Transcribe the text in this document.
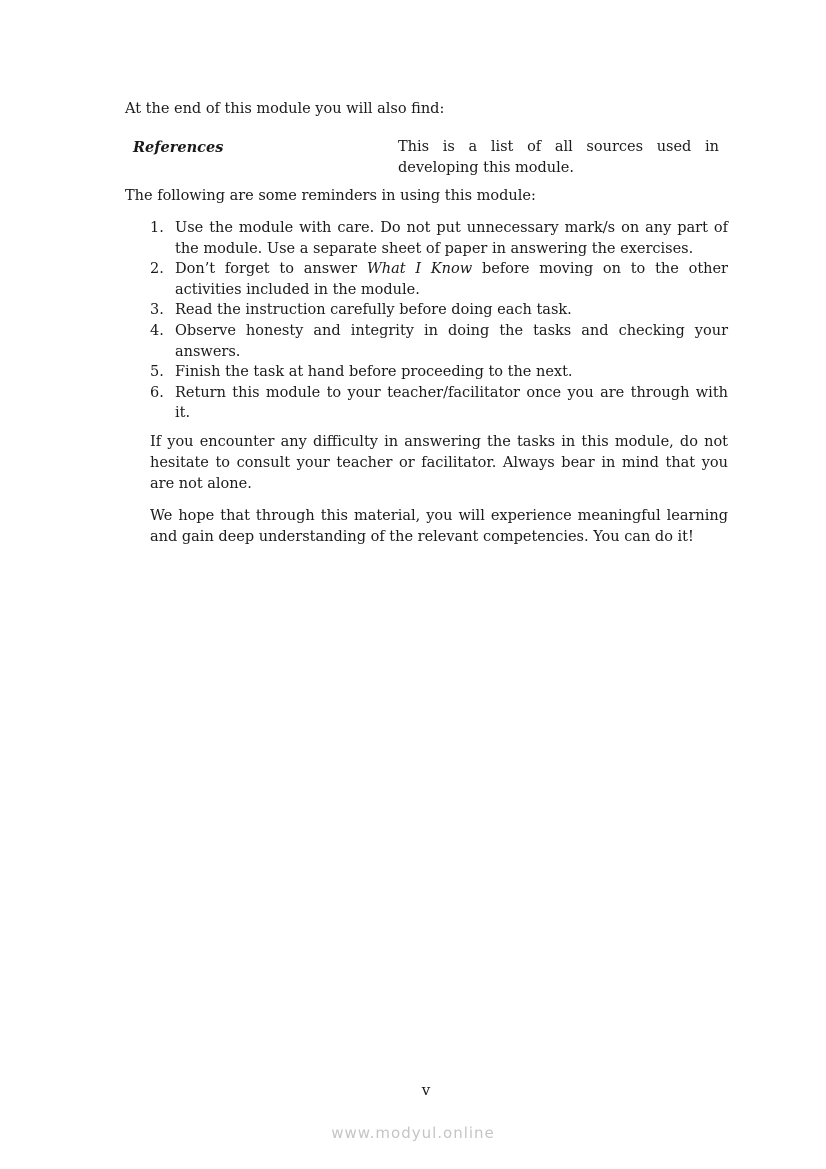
At the end of this module you will also find:
References	This is a list of all sources used in developing this module.
The following are some reminders in using this module:
1. Use the module with care. Do not put unnecessary mark/s on any part of the module. Use a separate sheet of paper in answering the exercises.
2. Don’t forget to answer What I Know before moving on to the other activities included in the module.
3. Read the instruction carefully before doing each task.
4. Observe honesty and integrity in doing the tasks and checking your answers.
5. Finish the task at hand before proceeding to the next.
6. Return this module to your teacher/facilitator once you are through with it.

If you encounter any difficulty in answering the tasks in this module, do not hesitate to consult your teacher or facilitator. Always bear in mind that you are not alone.

We hope that through this material, you will experience meaningful learning and gain deep understanding of the relevant competencies. You can do it!

v
www.modyul.online
